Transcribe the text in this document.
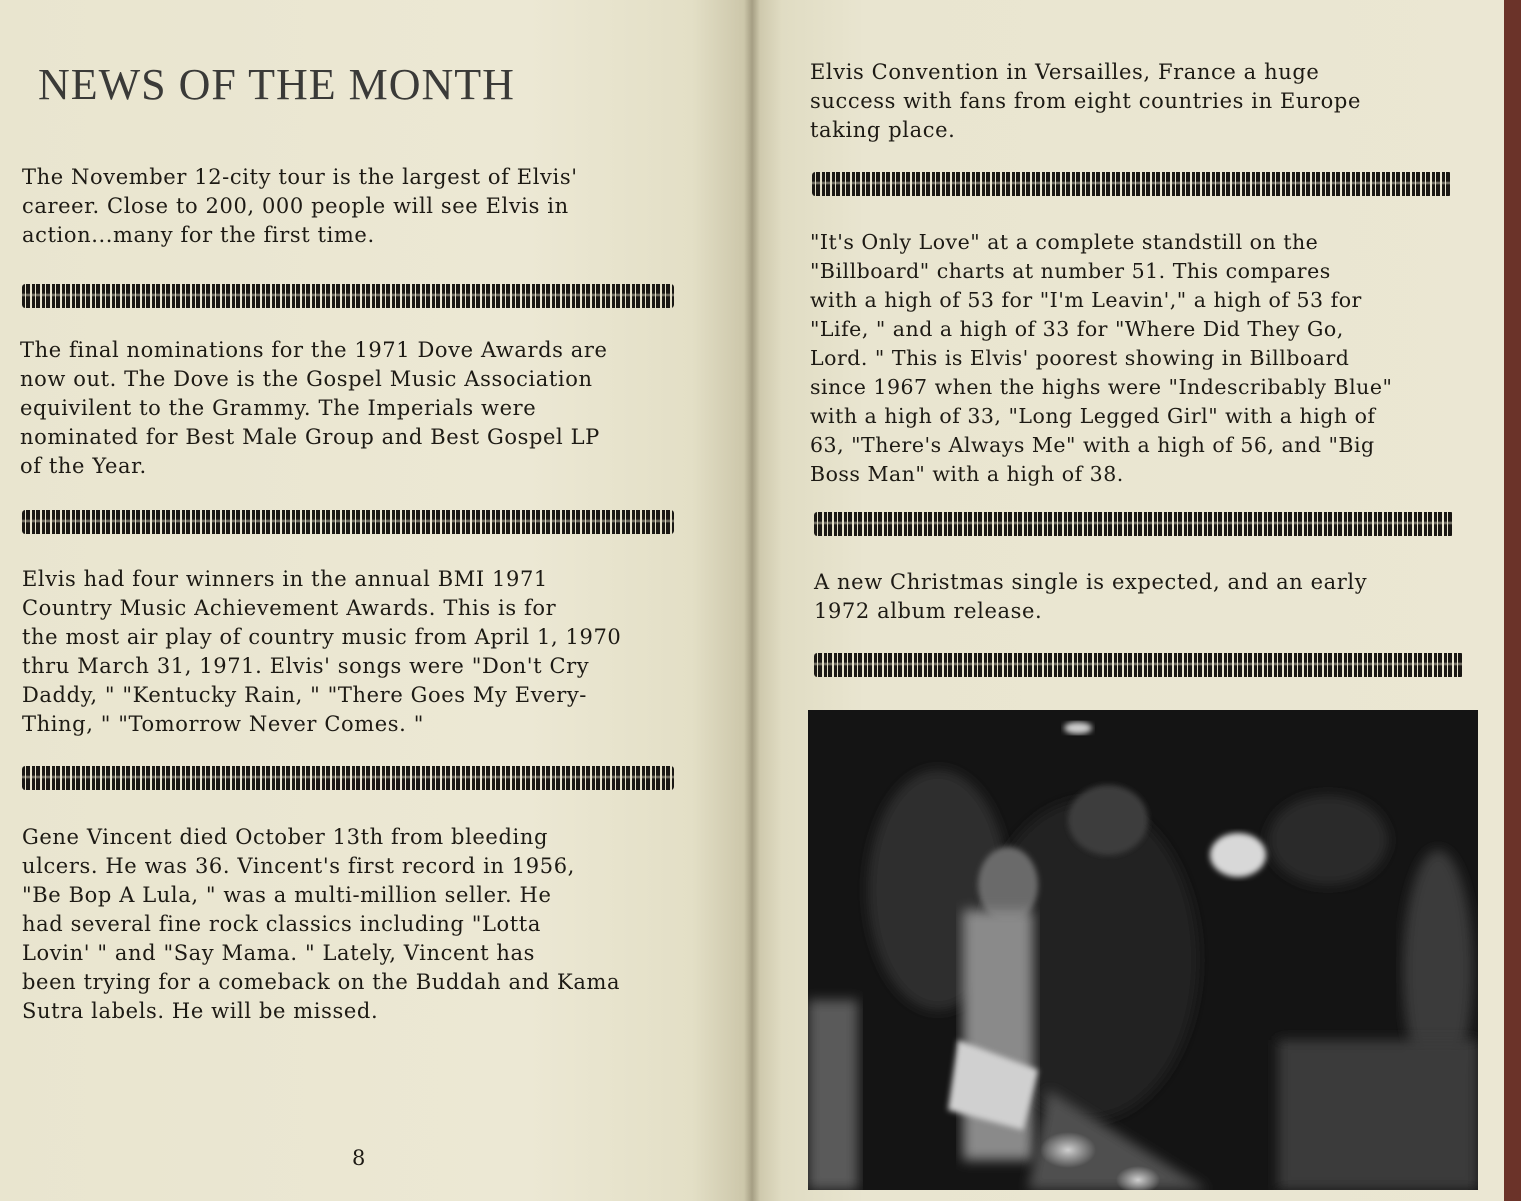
NEWS OF THE MONTH

The November 12-city tour is the largest of Elvis'
career. Close to 200, 000 people will see Elvis in
action...many for the first time.

The final nominations for the 1971 Dove Awards are
now out. The Dove is the Gospel Music Association
equivilent to the Grammy. The Imperials were
nominated for Best Male Group and Best Gospel LP
of the Year.

Elvis had four winners in the annual BMI 1971
Country Music Achievement Awards. This is for
the most air play of country music from April 1, 1970
thru March 31, 1971. Elvis' songs were "Don't Cry
Daddy, " "Kentucky Rain, " "There Goes My Every-
Thing, " "Tomorrow Never Comes. "

Gene Vincent died October 13th from bleeding
ulcers. He was 36. Vincent's first record in 1956,
"Be Bop A Lula, " was a multi-million seller. He
had several fine rock classics including "Lotta
Lovin' " and "Say Mama. " Lately, Vincent has
been trying for a comeback on the Buddah and Kama
Sutra labels. He will be missed.

8

Elvis Convention in Versailles, France a huge
success with fans from eight countries in Europe
taking place.

"It's Only Love" at a complete standstill on the
"Billboard" charts at number 51. This compares
with a high of 53 for "I'm Leavin'," a high of 53 for
"Life, " and a high of 33 for "Where Did They Go,
Lord. " This is Elvis' poorest showing in Billboard
since 1967 when the highs were "Indescribably Blue"
with a high of 33, "Long Legged Girl" with a high of
63, "There's Always Me" with a high of 56, and "Big
Boss Man" with a high of 38.

A new Christmas single is expected, and an early
1972 album release.
